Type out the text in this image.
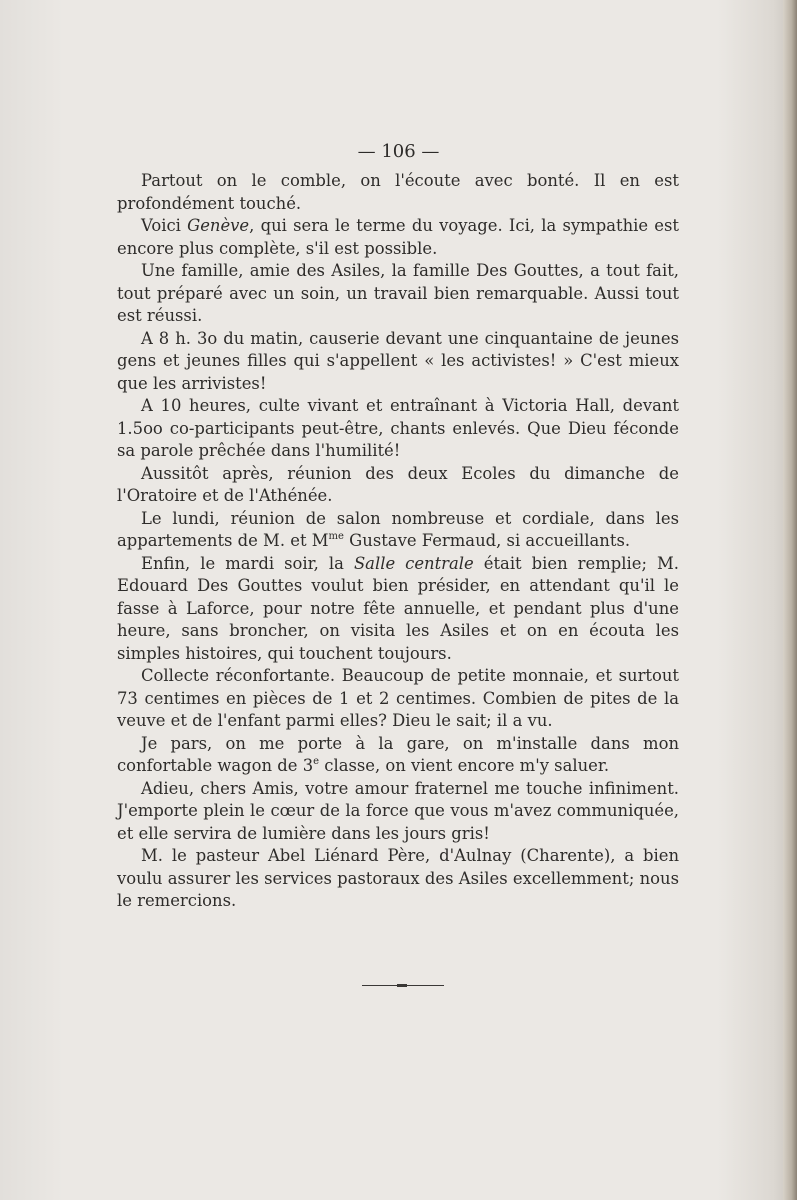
— 106 —

Partout on le comble, on l'écoute avec bonté. Il en est profondément touché.

Voici Genève, qui sera le terme du voyage. Ici, la sympathie est encore plus complète, s'il est possible.

Une famille, amie des Asiles, la famille Des Gouttes, a tout fait, tout préparé avec un soin, un travail bien remarquable. Aussi tout est réussi.

A 8 h. 3o du matin, causerie devant une cinquantaine de jeunes gens et jeunes filles qui s'appellent « les activistes! » C'est mieux que les arrivistes!

A 10 heures, culte vivant et entraînant à Victoria Hall, devant 1.5oo co-participants peut-être, chants enlevés. Que Dieu féconde sa parole prêchée dans l'humilité!

Aussitôt après, réunion des deux Ecoles du dimanche de l'Oratoire et de l'Athénée.

Le lundi, réunion de salon nombreuse et cordiale, dans les appartements de M. et $M^{me}$ Gustave Fermaud, si accueillants.

Enfin, le mardi soir, la Salle centrale était bien remplie; M. Edouard Des Gouttes voulut bien présider, en attendant qu'il le fasse à Laforce, pour notre fête annuelle, et pendant plus d'une heure, sans broncher, on visita les Asiles et on en écouta les simples histoires, qui touchent toujours.

Collecte réconfortante. Beaucoup de petite monnaie, et surtout 73 centimes en pièces de 1 et 2 centimes. Combien de pites de la veuve et de l'enfant parmi elles? Dieu le sait; il a vu.

Je pars, on me porte à la gare, on m'installe dans mon confortable wagon de 3e classe, on vient encore m'y saluer.

Adieu, chers Amis, votre amour fraternel me touche infiniment. J'emporte plein le cœur de la force que vous m'avez communiquée, et elle servira de lumière dans les jours gris!

M. le pasteur Abel Liénard Père, d'Aulnay (Charente), a bien voulu assurer les services pastoraux des Asiles excellemment; nous le remercions.
